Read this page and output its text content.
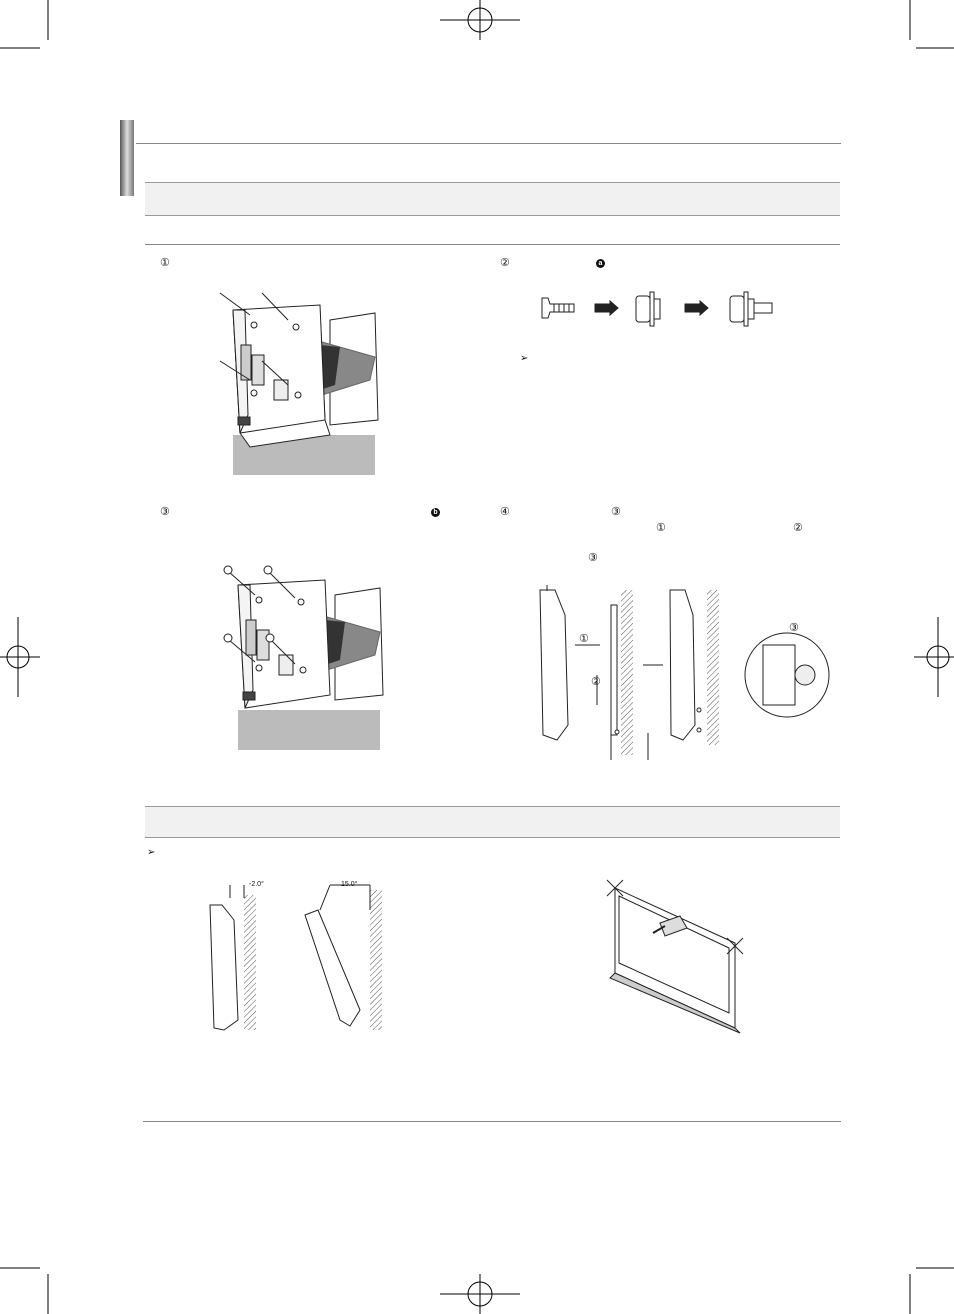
①	②	a
➢
③	b	④	③
①	②
③
①
②
③
➢
-2.0°	15.0°
